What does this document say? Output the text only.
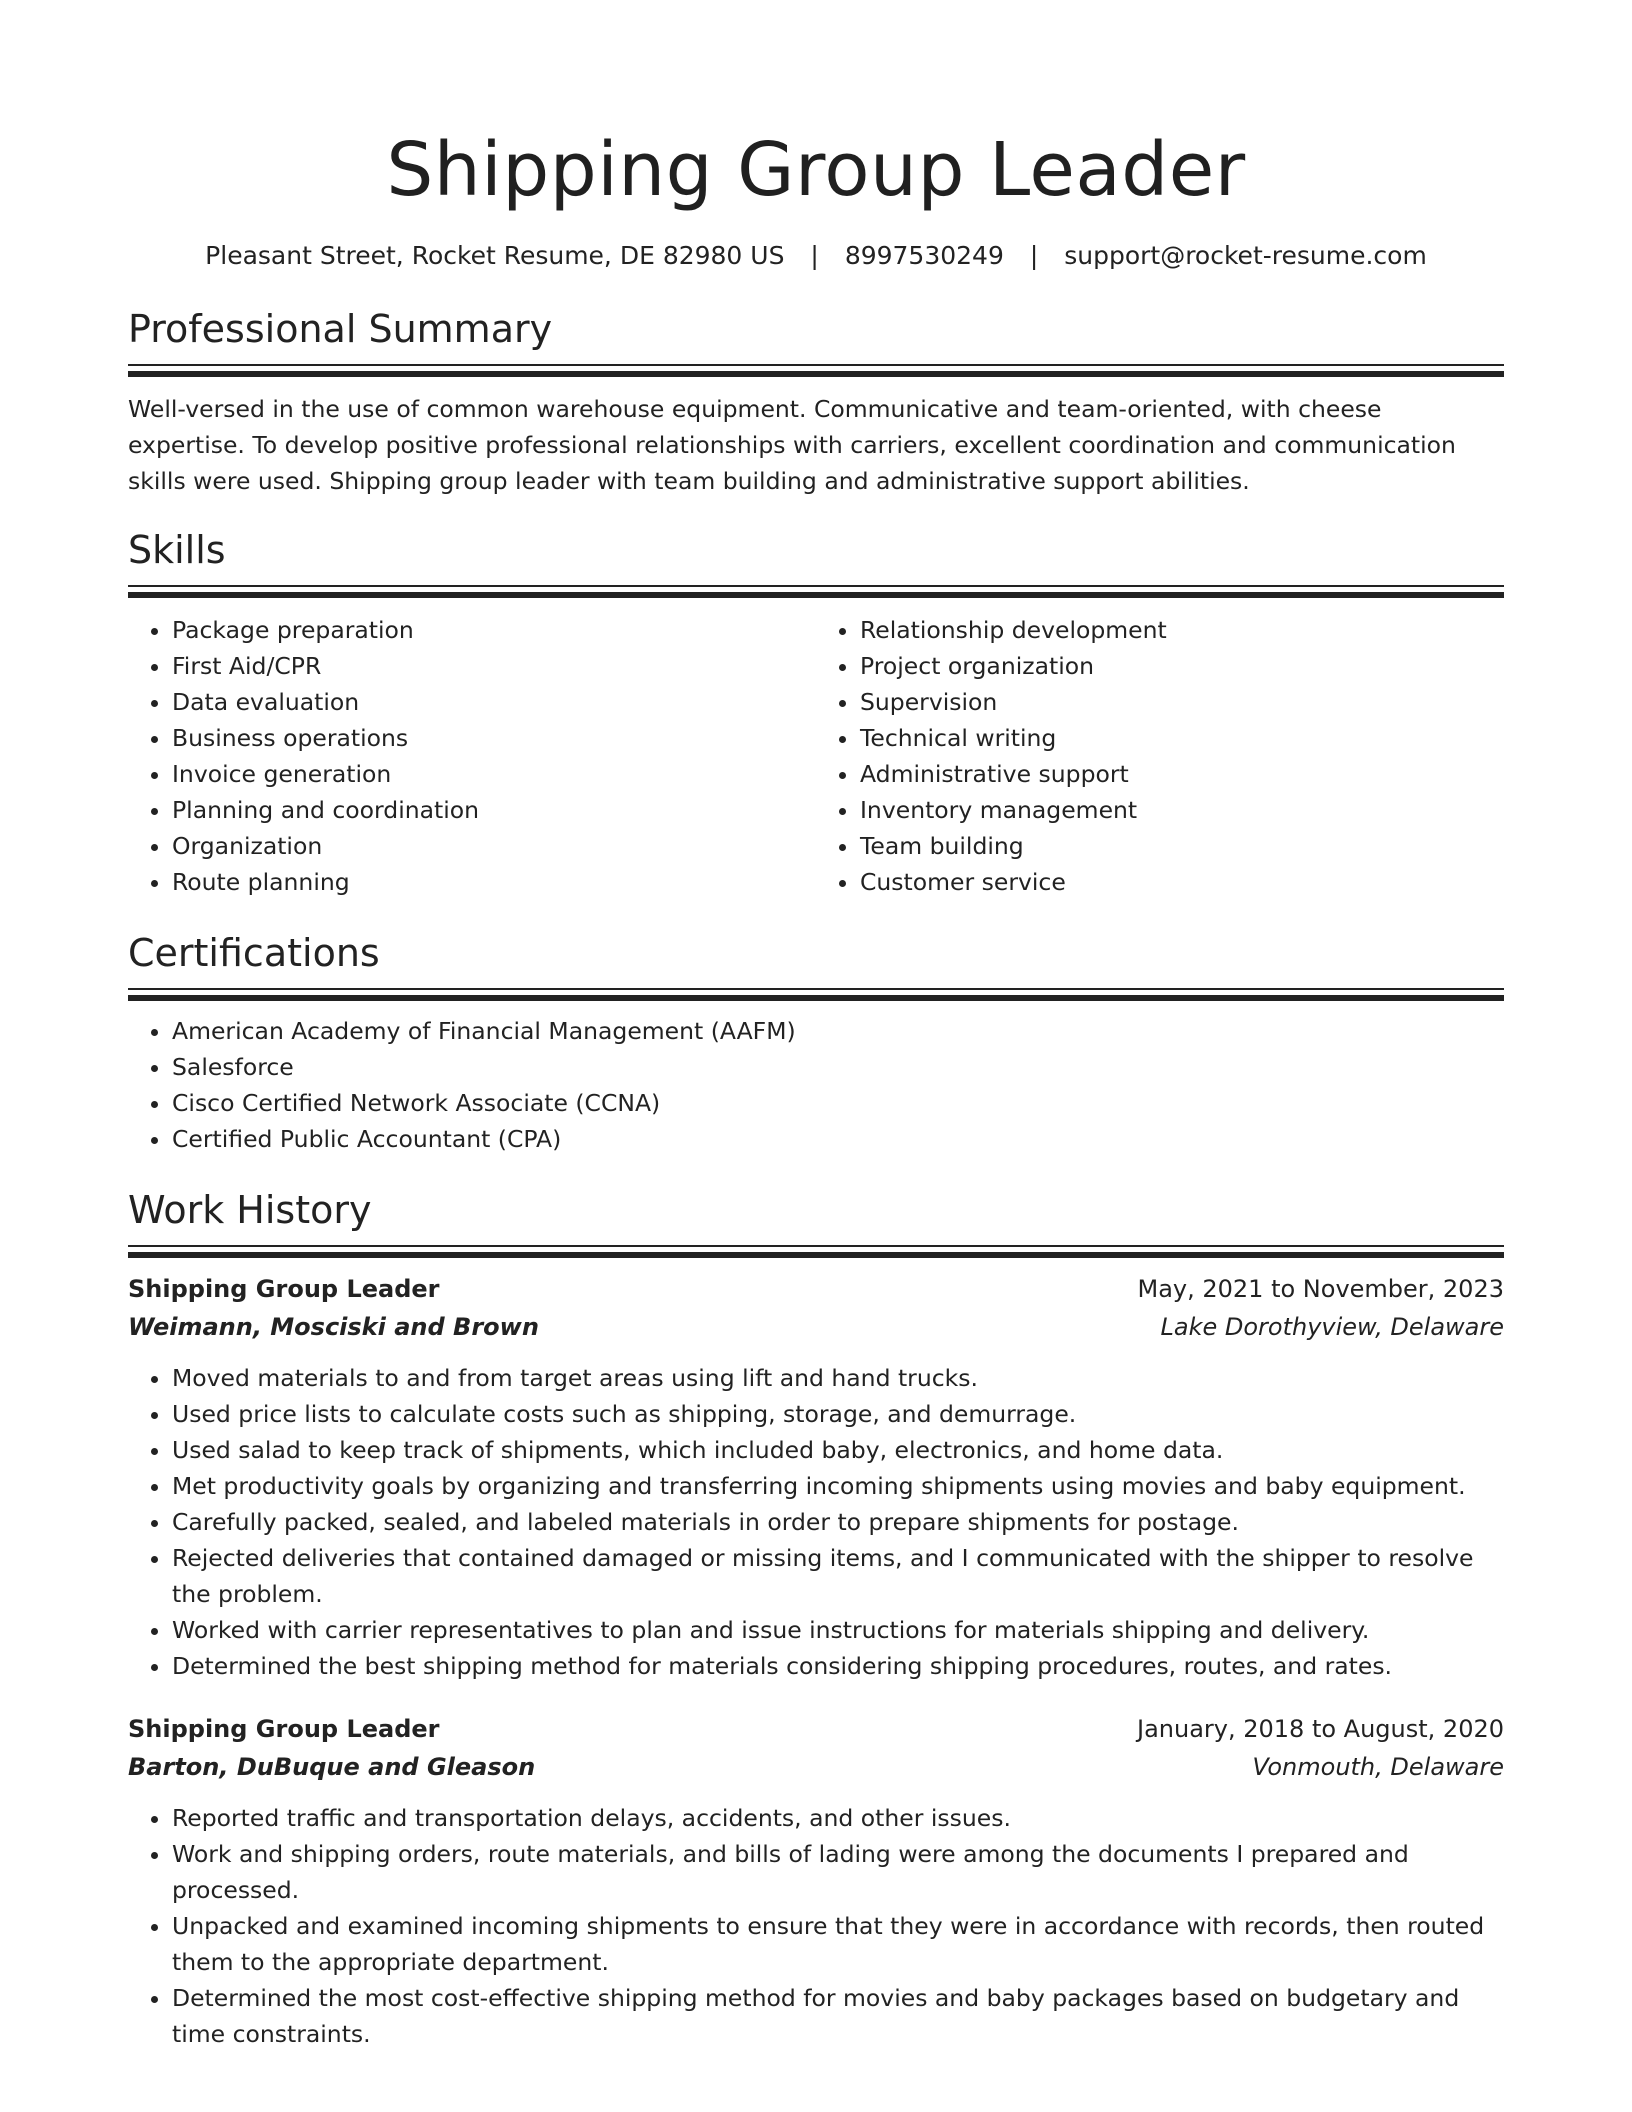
Shipping Group Leader
Pleasant Street, Rocket Resume, DE 82980 US | 8997530249 | support@rocket-resume.com
Professional Summary

Well-versed in the use of common warehouse equipment. Communicative and team-oriented, with cheese expertise. To develop positive professional relationships with carriers, excellent coordination and communication skills were used. Shipping group leader with team building and administrative support abilities.

Skills
• Package preparation
• First Aid/CPR
• Data evaluation
• Business operations
• Invoice generation
• Planning and coordination
• Organization
• Route planning
• Relationship development
• Project organization
• Supervision
• Technical writing
• Administrative support
• Inventory management
• Team building
• Customer service
Certifications
• American Academy of Financial Management (AAFM)
• Salesforce
• Cisco Certified Network Associate (CCNA)
• Certified Public Accountant (CPA)
Work History
Shipping Group Leader	May, 2021 to November, 2023
Weimann, Mosciski and Brown	Lake Dorothyview, Delaware
• Moved materials to and from target areas using lift and hand trucks.
• Used price lists to calculate costs such as shipping, storage, and demurrage.
• Used salad to keep track of shipments, which included baby, electronics, and home data.
• Met productivity goals by organizing and transferring incoming shipments using movies and baby equipment.
• Carefully packed, sealed, and labeled materials in order to prepare shipments for postage.
• Rejected deliveries that contained damaged or missing items, and I communicated with the shipper to resolve the problem.
• Worked with carrier representatives to plan and issue instructions for materials shipping and delivery.
• Determined the best shipping method for materials considering shipping procedures, routes, and rates.
Shipping Group Leader	January, 2018 to August, 2020
Barton, DuBuque and Gleason	Vonmouth, Delaware
• Reported traffic and transportation delays, accidents, and other issues.
• Work and shipping orders, route materials, and bills of lading were among the documents I prepared and processed.
• Unpacked and examined incoming shipments to ensure that they were in accordance with records, then routed them to the appropriate department.
• Determined the most cost-effective shipping method for movies and baby packages based on budgetary and time constraints.
